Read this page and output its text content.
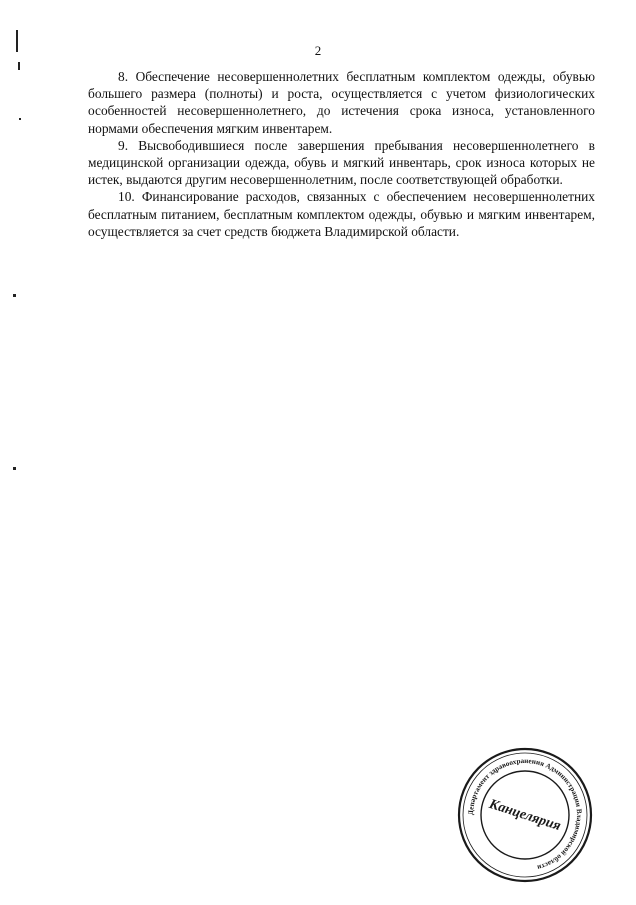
2

8. Обеспечение несовершеннолетних бесплатным комплектом одежды, обувью большего размера (полноты) и роста, осуществляется с учетом физиологических особенностей несовершеннолетнего, до истечения срока износа, установленного нормами обеспечения мягким инвентарем.

9. Высвободившиеся после завершения пребывания несовершеннолетнего в медицинской организации одежда, обувь и мягкий инвентарь, срок износа которых не истек, выдаются другим несовершеннолетним, после соответствующей обработки.

10. Финансирование расходов, связанных с обеспечением несовершеннолетних бесплатным питанием, бесплатным комплектом одежды, обувью и мягким инвентарем, осуществляется за счет средств бюджета Владимирской области.

Департамент здравоохранения Администрации Владимирской области
Канцелярия
